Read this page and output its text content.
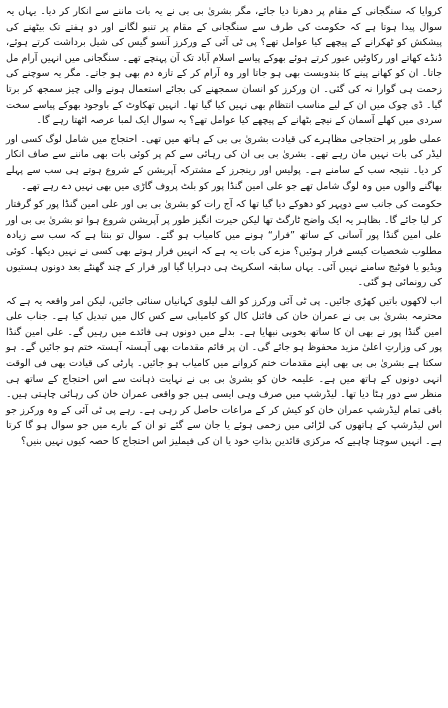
کروایا کہ سنگجانی کے مقام پر دھرنا دیا جائے، مگر بشریٰ بی بی نے یہ بات ماننے سے انکار کر دیا۔ یہاں یہ سوال پیدا ہوتا ہے کہ حکومت کی طرف سے سنگجانی کے مقام پر تنبو لگانے اور دو ہفتے تک بیٹھنے کی پیشکش کو ٹھکرانے کے پیچھے کیا عوامل تھے؟ پی ٹی آئی کے ورکرز آنسو گیس کی شیل برداشت کرتے ہوئے، ڈنڈے کھاتے اور رکاوٹیں عبور کرتے ہوئے بھوکے پیاسے اسلام آباد تک آن پہنچے تھے۔ سنگجانی میں انہیں آرام مل جاتا۔ ان کو کھانے پینے کا بندوبست بھی ہو جاتا اور وہ آرام کر کے تازہ دم بھی ہو جاتے۔ مگر یہ سوچنے کی زحمت ہی گوارا نہ کی گئی۔ ان ورکرز کو انسان سمجھنے کی بجائے استعمال ہونے والی چیز سمجھ کر برتا گیا۔ ڈی چوک میں ان کے لیے مناسب انتظام بھی نہیں کیا گیا تھا۔ انہیں تھکاوٹ کے باوجود بھوکے پیاسے سخت سردی میں کھلے آسمان کے نیچے بٹھانے کے پیچھے کیا عوامل تھے؟ یہ سوال ایک لمبا عرصہ اٹھتا رہے گا۔

عملی طور پر احتجاجی مظاہرے کی قیادت بشریٰ بی بی کے ہاتھ میں تھی۔ احتجاج میں شامل لوگ کسی اور لیڈر کی بات نہیں مان رہے تھے۔ بشریٰ بی بی ان کی رہائی سے کم پر کوئی بات بھی ماننے سے صاف انکار کر دیا۔ نتیجہ سب کے سامنے ہے۔ پولیس اور رینجرز کے مشترکہ آپریشن کے شروع ہوتے ہی سب سے پہلے بھاگنے والوں میں وہ لوگ شامل تھے جو علی امین گنڈا پور کو بلٹ پروف گاڑی میں بھی نہیں دے رہے تھے۔

حکومت کی جانب سے دوپہر کو دھوکے دیا گیا تھا کہ آج رات کو بشریٰ بی بی اور علی امین گنڈا پور کو گرفتار کر لیا جائے گا۔ بظاہر یہ ایک واضح ٹارگٹ تھا لیکن حیرت انگیز طور پر آپریشن شروع ہوا تو بشریٰ بی بی اور علی امین گنڈا پور آسانی کے ساتھ ”فرار“ ہونے میں کامیاب ہو گئے۔ سوال تو بنتا ہے کہ سب سے زیادہ مطلوب شخصیات کیسے فرار ہوئیں؟ مزے کی بات یہ ہے کہ انہیں فرار ہوتے بھی کسی نے نہیں دیکھا۔ کوئی ویڈیو یا فوٹیج سامنے نہیں آئی۔ یہاں سابقہ اسکرپٹ ہی دہرایا گیا اور فرار کے چند گھنٹے بعد دونوں ہستیوں کی رونمائی ہو گئی۔

اب لاکھوں باتیں کھڑی جائیں۔ پی ٹی آئی ورکرز کو الف لیلوی کہانیاں سنائی جائیں، لیکن امر واقعہ یہ ہے کہ محترمہ بشریٰ بی بی نے عمران خان کی فائنل کال کو کامیابی سے کس کال میں تبدیل کیا ہے۔ جناب علی امین گنڈا پور نے بھی ان کا ساتھ بخوبی نبھایا ہے۔ بدلے میں دونوں ہی فائدے میں رہیں گے۔ علی امین گنڈا پور کی وزارتِ اعلیٰ مزید محفوظ ہو جائے گی۔ ان پر قائم مقدمات بھی آہستہ آہستہ ختم ہو جائیں گے۔ ہو سکتا ہے بشریٰ بی بی بھی اپنے مقدمات ختم کروانے میں کامیاب ہو جائیں۔ پارٹی کی قیادت بھی فی الوقت انہی دونوں کے ہاتھ میں ہے۔ علیمہ خان کو بشریٰ بی بی نے نہایت ذہانت سے اس احتجاج کے ساتھ ہی منظر سے دور ہٹا دیا تھا۔ لیڈرشپ میں صرف وہی ایسی ہیں جو واقعی عمران خان کی رہائی چاہتی ہیں۔ باقی تمام لیڈرشپ عمران خان کو کیش کر کے مراعات حاصل کر رہی ہے۔ رہے پی ٹی آئی کے وہ ورکرز جو اس لیڈرشپ کے ہاتھوں کی لڑائی میں زخمی ہوئے یا جان سے گئے تو ان کے بارے میں جو سوال ہو گا کرتا ہے۔ انہیں سوچنا چاہیے کہ مرکزی قائدین بذاتِ خود یا ان کی فیملیز اس احتجاج کا حصہ کیوں نہیں بنیں؟
